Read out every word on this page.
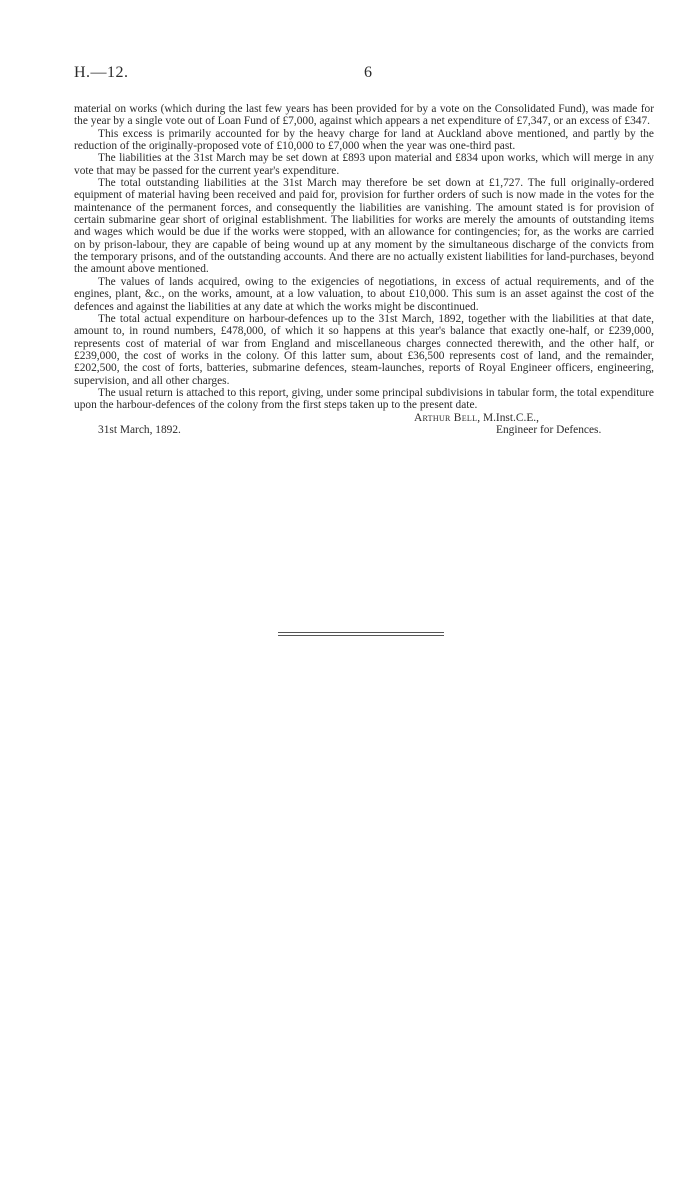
H.—12.	6

material on works (which during the last few years has been provided for by a vote on the Consolidated Fund), was made for the year by a single vote out of Loan Fund of £7,000, against which appears a net expenditure of £7,347, or an excess of £347.

This excess is primarily accounted for by the heavy charge for land at Auckland above mentioned, and partly by the reduction of the originally-proposed vote of £10,000 to £7,000 when the year was one-third past.

The liabilities at the 31st March may be set down at £893 upon material and £834 upon works, which will merge in any vote that may be passed for the current year's expenditure.

The total outstanding liabilities at the 31st March may therefore be set down at £1,727. The full originally-ordered equipment of material having been received and paid for, provision for further orders of such is now made in the votes for the maintenance of the permanent forces, and consequently the liabilities are vanishing. The amount stated is for provision of certain submarine gear short of original establishment. The liabilities for works are merely the amounts of outstanding items and wages which would be due if the works were stopped, with an allowance for contingencies; for, as the works are carried on by prison-labour, they are capable of being wound up at any moment by the simultaneous discharge of the convicts from the temporary prisons, and of the outstanding accounts. And there are no actually existent liabilities for land-purchases, beyond the amount above mentioned.

The values of lands acquired, owing to the exigencies of negotiations, in excess of actual requirements, and of the engines, plant, &c., on the works, amount, at a low valuation, to about £10,000. This sum is an asset against the cost of the defences and against the liabilities at any date at which the works might be discontinued.

The total actual expenditure on harbour-defences up to the 31st March, 1892, together with the liabilities at that date, amount to, in round numbers, £478,000, of which it so happens at this year's balance that exactly one-half, or £239,000, represents cost of material of war from England and miscellaneous charges connected therewith, and the other half, or £239,000, the cost of works in the colony. Of this latter sum, about £36,500 represents cost of land, and the remainder, £202,500, the cost of forts, batteries, submarine defences, steam-launches, reports of Royal Engineer officers, engineering, supervision, and all other charges.

The usual return is attached to this report, giving, under some principal subdivisions in tabular form, the total expenditure upon the harbour-defences of the colony from the first steps taken up to the present date.

Arthur Bell, M.Inst.C.E.,
31st March, 1892.	Engineer for Defences.
